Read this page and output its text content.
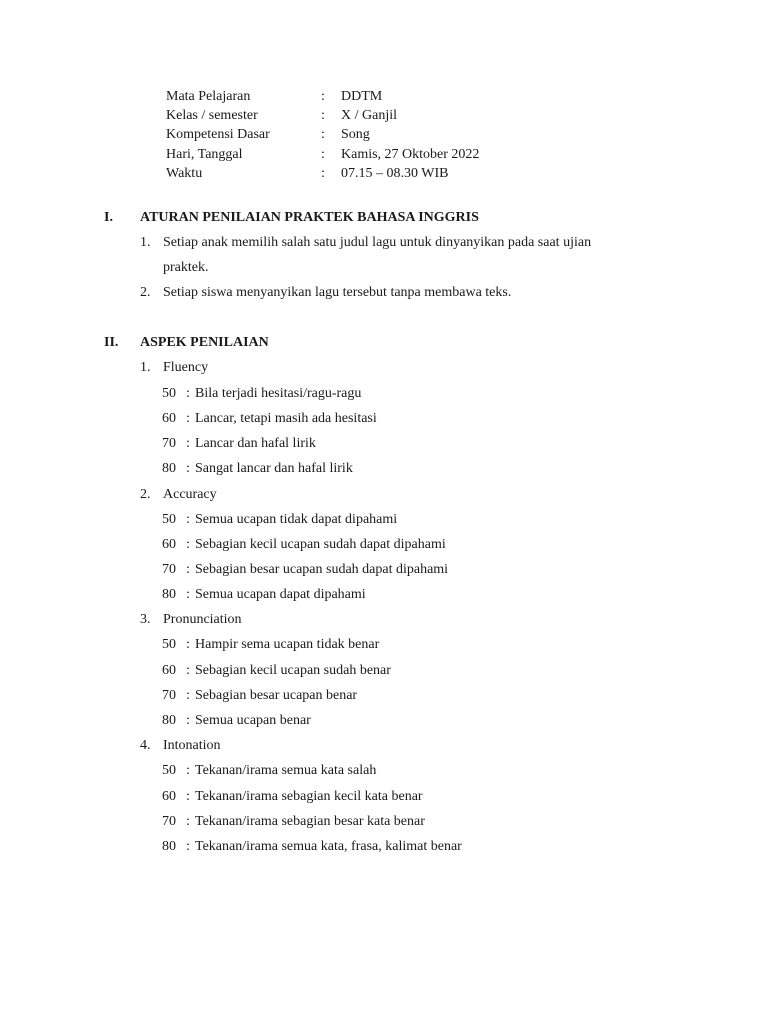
Mata Pelajaran	: DDTM
Kelas / semester	: X / Ganjil
Kompetensi Dasar	: Song
Hari, Tanggal	: Kamis, 27 Oktober 2022
Waktu	: 07.15 – 08.30 WIB
I. ATURAN PENILAIAN PRAKTEK BAHASA INGGRIS
1. Setiap anak memilih salah satu judul lagu untuk dinyanyikan pada saat ujian
praktek.
2. Setiap siswa menyanyikan lagu tersebut tanpa membawa teks.
II. ASPEK PENILAIAN
1. Fluency
50 : Bila terjadi hesitasi/ragu-ragu
60 : Lancar, tetapi masih ada hesitasi
70 : Lancar dan hafal lirik
80 : Sangat lancar dan hafal lirik
2. Accuracy
50 : Semua ucapan tidak dapat dipahami
60 : Sebagian kecil ucapan sudah dapat dipahami
70 : Sebagian besar ucapan sudah dapat dipahami
80 : Semua ucapan dapat dipahami
3. Pronunciation
50 : Hampir sema ucapan tidak benar
60 : Sebagian kecil ucapan sudah benar
70 : Sebagian besar ucapan benar
80 : Semua ucapan benar
4. Intonation
50 : Tekanan/irama semua kata salah
60 : Tekanan/irama sebagian kecil kata benar
70 : Tekanan/irama sebagian besar kata benar
80 : Tekanan/irama semua kata, frasa, kalimat benar
